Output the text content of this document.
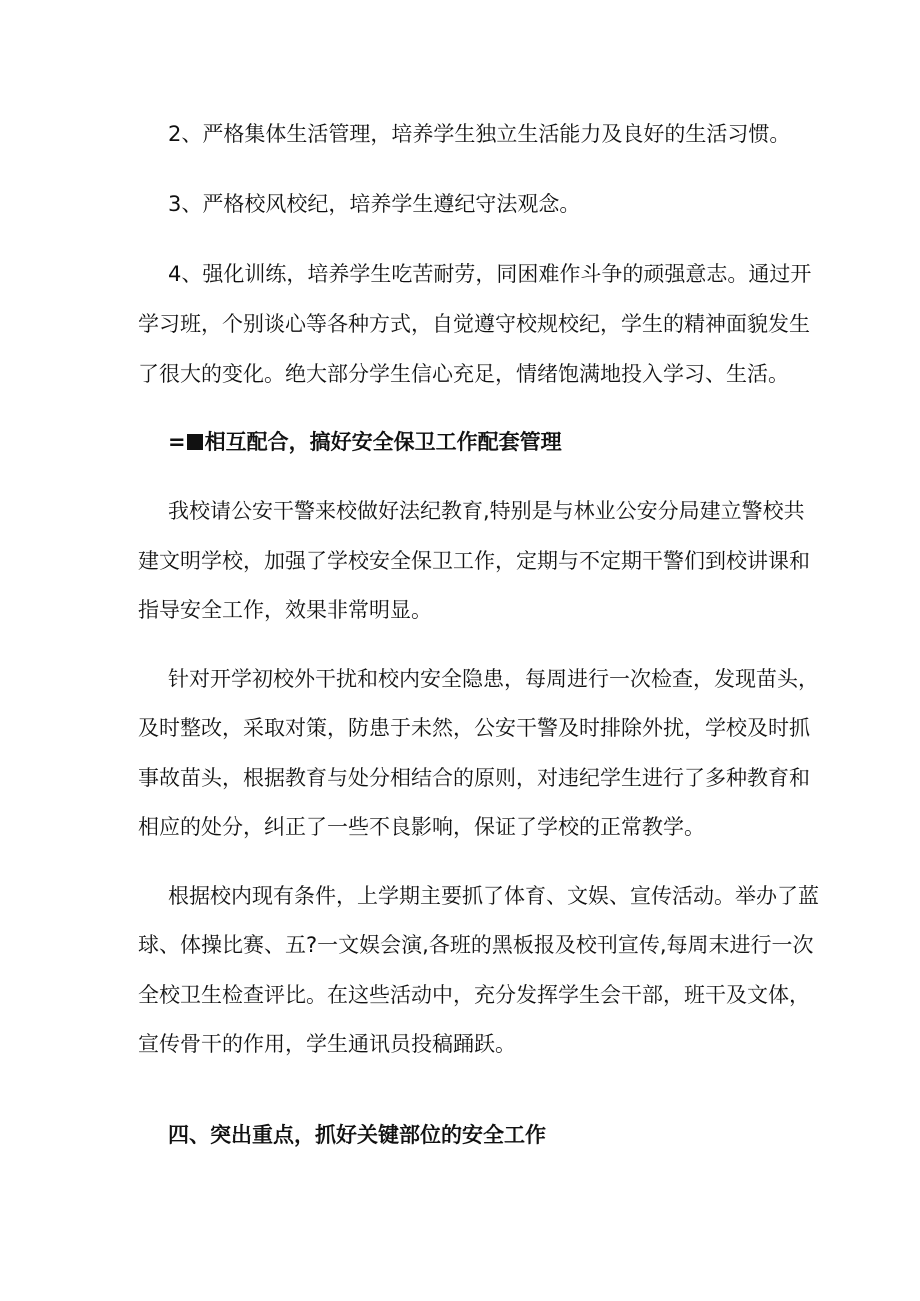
2、严格集体生活管理，培养学生独立生活能力及良好的生活习惯。
3、严格校风校纪，培养学生遵纪守法观念。
4、强化训练，培养学生吃苦耐劳，同困难作斗争的顽强意志。通过开
学习班，个别谈心等各种方式，自觉遵守校规校纪，学生的精神面貌发生
了很大的变化。绝大部分学生信心充足，情绪饱满地投入学习、生活。
= 相互配合，搞好安全保卫工作配套管理
我校请公安干警来校做好法纪教育,特别是与林业公安分局建立警校共
建文明学校，加强了学校安全保卫工作，定期与不定期干警们到校讲课和
指导安全工作，效果非常明显。
针对开学初校外干扰和校内安全隐患，每周进行一次检查，发现苗头，
及时整改，采取对策，防患于未然，公安干警及时排除外扰，学校及时抓
事故苗头，根据教育与处分相结合的原则，对违纪学生进行了多种教育和
相应的处分，纠正了一些不良影响，保证了学校的正常教学。
根据校内现有条件，上学期主要抓了体育、文娱、宣传活动。举办了蓝
球、体操比赛、五?一文娱会演,各班的黑板报及校刊宣传,每周末进行一次
全校卫生检查评比。在这些活动中，充分发挥学生会干部，班干及文体，
宣传骨干的作用，学生通讯员投稿踊跃。
四、突出重点，抓好关键部位的安全工作
